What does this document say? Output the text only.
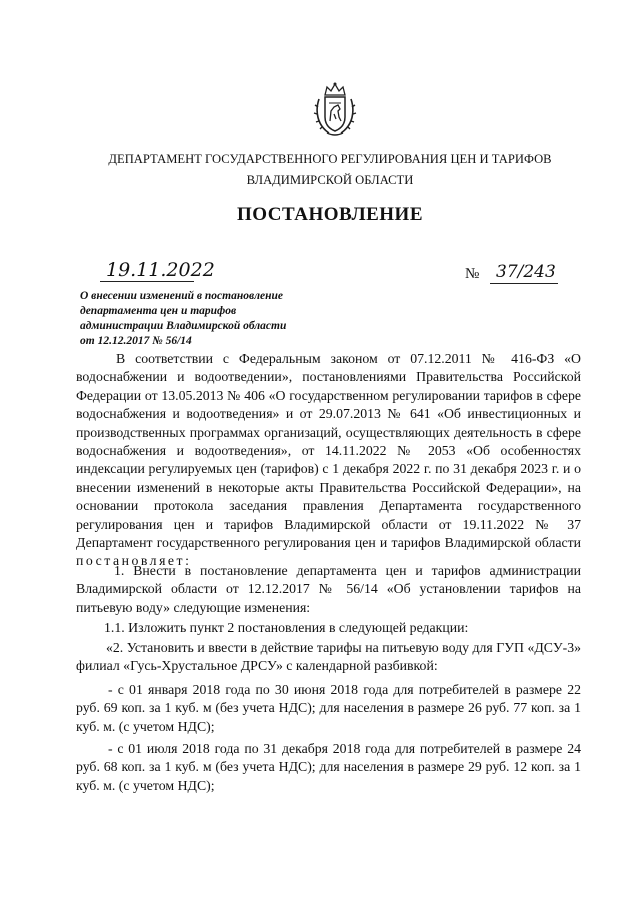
ДЕПАРТАМЕНТ ГОСУДАРСТВЕННОГО РЕГУЛИРОВАНИЯ ЦЕН И ТАРИФОВ
ВЛАДИМИРСКОЙ ОБЛАСТИ
ПОСТАНОВЛЕНИЕ
19.11.2022	№ 37/243
О внесении изменений в постановление департамента цен и тарифов администрации Владимирской области от 12.12.2017 № 56/14
В соответствии с Федеральным законом от 07.12.2011 № 416-ФЗ «О водоснабжении и водоотведении», постановлениями Правительства Российской Федерации от 13.05.2013 № 406 «О государственном регулировании тарифов в сфере водоснабжения и водоотведения» и от 29.07.2013 № 641 «Об инвестиционных и производственных программах организаций, осуществляющих деятельность в сфере водоснабжения и водоотведения», от 14.11.2022 № 2053 «Об особенностях индексации регулируемых цен (тарифов) с 1 декабря 2022 г. по 31 декабря 2023 г. и о внесении изменений в некоторые акты Правительства Российской Федерации», на основании протокола заседания правления Департамента государственного регулирования цен и тарифов Владимирской области от 19.11.2022 № 37 Департамент государственного регулирования цен и тарифов Владимирской области постановляет:
1. Внести в постановление департамента цен и тарифов администрации Владимирской области от 12.12.2017 № 56/14 «Об установлении тарифов на питьевую воду» следующие изменения:
1.1. Изложить пункт 2 постановления в следующей редакции:
«2. Установить и ввести в действие тарифы на питьевую воду для ГУП «ДСУ-3» филиал «Гусь-Хрустальное ДРСУ» с календарной разбивкой:
- с 01 января 2018 года по 30 июня 2018 года для потребителей в размере 22 руб. 69 коп. за 1 куб. м (без учета НДС); для населения в размере 26 руб. 77 коп. за 1 куб. м. (с учетом НДС);
- с 01 июля 2018 года по 31 декабря 2018 года для потребителей в размере 24 руб. 68 коп. за 1 куб. м (без учета НДС); для населения в размере 29 руб. 12 коп. за 1 куб. м. (с учетом НДС);
